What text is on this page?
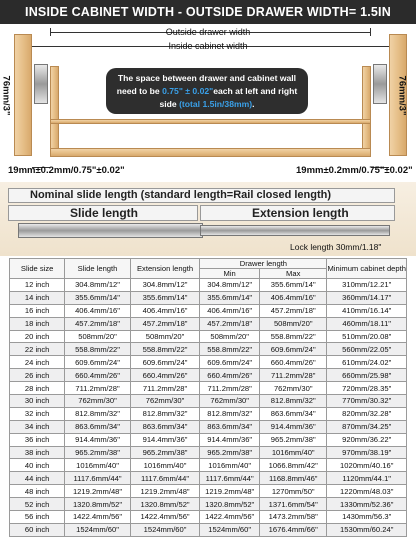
INSIDE CABINET WIDTH - OUTSIDE DRAWER WIDTH= 1.5IN
Outside drawer width
Inside cabinet width
76mm/3"	76mm/3"
The space between drawer and cabinet wall
need to be 0.75" ± 0.02"each at left and right
side (total 1.5in/38mm).
19mm±0.2mm/0.75"±0.02"	19mm±0.2mm/0.75"±0.02"
Nominal slide length (standard length=Rail closed length)
Slide length	Extension length
Lock length 30mm/1.18"
Slide size	Slide length	Extension length	Drawer length		Minimum cabinet depth
			Min	Max	
12 inch	304.8mm/12"	304.8mm/12"	304.8mm/12"	355.6mm/14"	310mm/12.21"
14 inch	355.6mm/14"	355.6mm/14"	355.6mm/14"	406.4mm/16"	360mm/14.17"
16 inch	406.4mm/16"	406.4mm/16"	406.4mm/16"	457.2mm/18"	410mm/16.14"
18 inch	457.2mm/18"	457.2mm/18"	457.2mm/18"	508mm/20"	460mm/18.11"
20 inch	508mm/20"	508mm/20"	508mm/20"	558.8mm/22"	510mm/20.08"
22 inch	558.8mm/22"	558.8mm/22"	558.8mm/22"	609.6mm/24"	560mm/22.05"
24 inch	609.6mm/24"	609.6mm/24"	609.6mm/24"	660.4mm/26"	610mm/24.02"
26 inch	660.4mm/26"	660.4mm/26"	660.4mm/26"	711.2mm/28"	660mm/25.98"
28 inch	711.2mm/28"	711.2mm/28"	711.2mm/28"	762mm/30"	720mm/28.35"
30 inch	762mm/30"	762mm/30"	762mm/30"	812.8mm/32"	770mm/30.32"
32 inch	812.8mm/32"	812.8mm/32"	812.8mm/32"	863.6mm/34"	820mm/32.28"
34 inch	863.6mm/34"	863.6mm/34"	863.6mm/34"	914.4mm/36"	870mm/34.25"
36 inch	914.4mm/36"	914.4mm/36"	914.4mm/36"	965.2mm/38"	920mm/36.22"
38 inch	965.2mm/38"	965.2mm/38"	965.2mm/38"	1016mm/40"	970mm/38.19"
40 inch	1016mm/40"	1016mm/40"	1016mm/40"	1066.8mm/42"	1020mm/40.16"
44 inch	1117.6mm/44"	1117.6mm/44"	1117.6mm/44"	1168.8mm/46"	1120mm/44.1"
48 inch	1219.2mm/48"	1219.2mm/48"	1219.2mm/48"	1270mm/50"	1220mm/48.03"
52 inch	1320.8mm/52"	1320.8mm/52"	1320.8mm/52"	1371.6mm/54"	1330mm/52.36"
56 inch	1422.4mm/56"	1422.4mm/56"	1422.4mm/56"	1473.2mm/58"	1430mm/56.3"
60 inch	1524mm/60"	1524mm/60"	1524mm/60"	1676.4mm/66"	1530mm/60.24"
